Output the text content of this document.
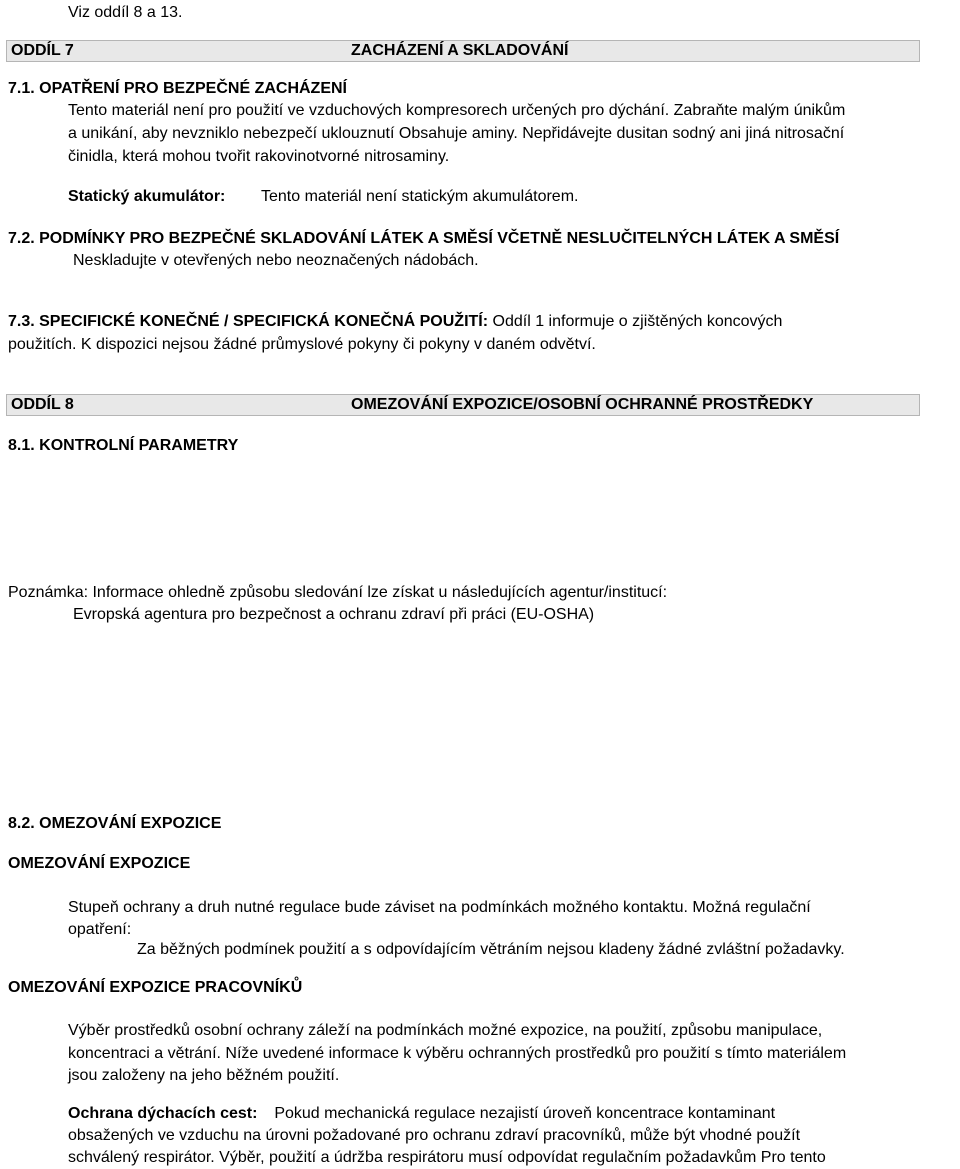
Viz oddíl 8 a 13.
ODDÍL 7	ZACHÁZENÍ A SKLADOVÁNÍ
7.1. OPATŘENÍ PRO BEZPEČNÉ ZACHÁZENÍ
Tento materiál není pro použití ve vzduchových kompresorech určených pro dýchání. Zabraňte malým únikům
a unikání, aby nevzniklo nebezpečí uklouznutí Obsahuje aminy. Nepřidávejte dusitan sodný ani jiná nitrosační
činidla, která mohou tvořit rakovinotvorné nitrosaminy.
Statický akumulátor: Tento materiál není statickým akumulátorem.
7.2. PODMÍNKY PRO BEZPEČNÉ SKLADOVÁNÍ LÁTEK A SMĚSÍ VČETNĚ NESLUČITELNÝCH LÁTEK A SMĚSÍ
Neskladujte v otevřených nebo neoznačených nádobách.
7.3. SPECIFICKÉ KONEČNÉ / SPECIFICKÁ KONEČNÁ POUŽITÍ: Oddíl 1 informuje o zjištěných koncových
použitích. K dispozici nejsou žádné průmyslové pokyny či pokyny v daném odvětví.
ODDÍL 8	OMEZOVÁNÍ EXPOZICE/OSOBNÍ OCHRANNÉ PROSTŘEDKY
8.1. KONTROLNÍ PARAMETRY
Poznámka: Informace ohledně způsobu sledování lze získat u následujících agentur/institucí:
Evropská agentura pro bezpečnost a ochranu zdraví při práci (EU-OSHA)
8.2. OMEZOVÁNÍ EXPOZICE
OMEZOVÁNÍ EXPOZICE
Stupeň ochrany a druh nutné regulace bude záviset na podmínkách možného kontaktu. Možná regulační
opatření:
Za běžných podmínek použití a s odpovídajícím větráním nejsou kladeny žádné zvláštní požadavky.
OMEZOVÁNÍ EXPOZICE PRACOVNÍKŮ
Výběr prostředků osobní ochrany záleží na podmínkách možné expozice, na použití, způsobu manipulace,
koncentraci a větrání. Níže uvedené informace k výběru ochranných prostředků pro použití s tímto materiálem
jsou založeny na jeho běžném použití.
Ochrana dýchacích cest: Pokud mechanická regulace nezajistí úroveň koncentrace kontaminant
obsažených ve vzduchu na úrovni požadované pro ochranu zdraví pracovníků, může být vhodné použít
schválený respirátor. Výběr, použití a údržba respirátoru musí odpovídat regulačním požadavkům Pro tento
